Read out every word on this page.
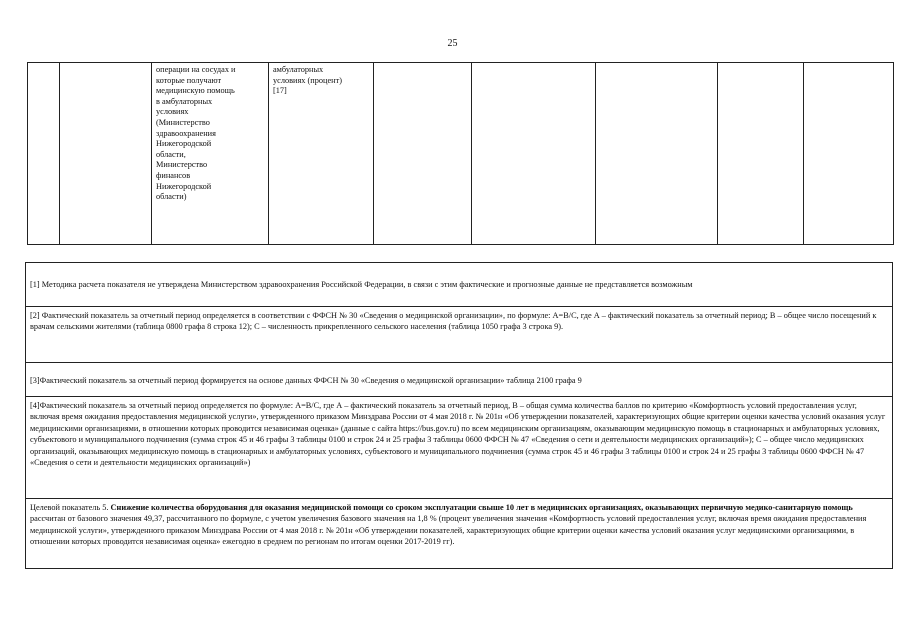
25
		операции на сосудах и
которые получают
медицинскую помощь
в амбулаторных
условиях
(Министерство
здравоохранения
Нижегородской
области,
Министерство
финансов
Нижегородской
области)	амбулаторных
условиях (процент)
[17]					
[1] Методика расчета показателя не утверждена Министерством здравоохранения Российской Федерации, в связи с этим фактические и прогнозные данные не представляется возможным
[2] Фактический показатель за отчетный период определяется в соответствии с ФФСН № 30 «Сведения о медицинской организации», по формуле: А=В/С, где А – фактический показатель за отчетный период; В – общее число посещений к врачам сельскими жителями (таблица 0800 графа 8 строка 12); С – численность прикрепленного сельского населения (таблица 1050 графа 3 строка 9).
[3]Фактический показатель за отчетный период формируется на основе данных ФФСН № 30 «Сведения о медицинской организации» таблица 2100 графа 9
[4]Фактический показатель за отчетный период определяется по формуле: А=В/С, где А – фактический показатель за отчетный период, В – общая сумма количества баллов по критерию «Комфортность условий предоставления услуг, включая время ожидания предоставления медицинской услуги», утвержденного приказом Минздрава России от 4 мая 2018 г. № 201н «Об утверждении показателей, характеризующих общие критерии оценки качества условий оказания услуг медицинскими организациями, в отношении которых проводится независимая оценка» (данные с сайта https://bus.gov.ru) по всем медицинским организациям, оказывающим медицинскую помощь в стационарных и амбулаторных условиях, субъектового и муниципального подчинения (сумма строк 45 и 46 графы 3 таблицы 0100 и строк 24 и 25 графы 3 таблицы 0600 ФФСН № 47 «Сведения о сети и деятельности медицинских организаций»); С – общее число медицинских организаций, оказывающих медицинскую помощь в стационарных и амбулаторных условиях, субъектового и муниципального подчинения (сумма строк 45 и 46 графы 3 таблицы 0100 и строк 24 и 25 графы 3 таблицы 0600 ФФСН № 47 «Сведения о сети и деятельности медицинских организаций»)
Целевой показатель 5. Снижение количества оборудования для оказания медицинской помощи со сроком эксплуатации свыше 10 лет в медицинских организациях, оказывающих первичную медико-санитарную помощь рассчитан от базового значения 49,37, рассчитанного по формуле, с учетом увеличения базового значения на 1,8 % (процент увеличения значения «Комфортность условий предоставления услуг, включая время ожидания предоставления медицинской услуги», утвержденного приказом Минздрава России от 4 мая 2018 г. № 201н «Об утверждении показателей, характеризующих общие критерии оценки качества условий оказания услуг медицинскими организациями, в отношении которых проводится независимая оценка» ежегодно в среднем по регионам по итогам оценки 2017-2019 гг).
